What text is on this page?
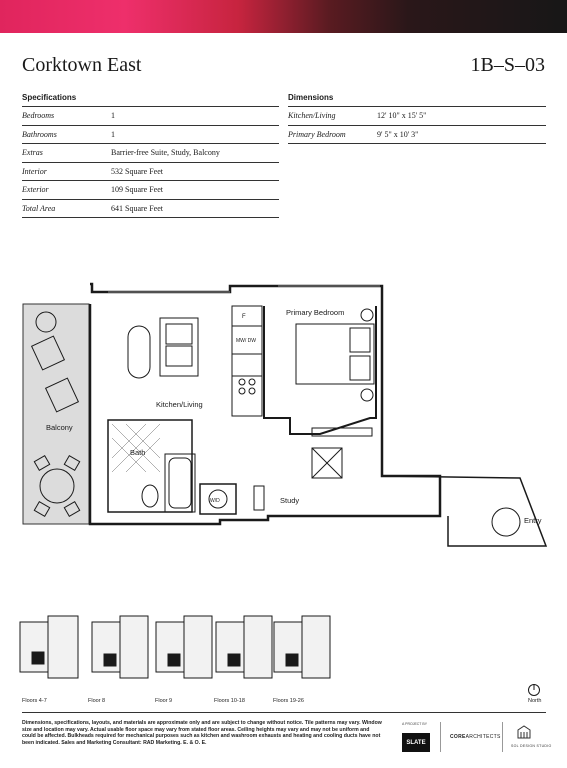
Corktown East	1B–S–03
Specifications
Bedrooms	1
Bathrooms	1
Extras	Barrier-free Suite, Study, Balcony
Interior	532 Square Feet
Exterior	109 Square Feet
Total Area	641 Square Feet
Dimensions
Kitchen/Living	12' 10" x 15' 5"
Primary Bedroom	9' 5" x 10' 3"
Primary Bedroom
Kitchen/Living
Balcony
Bath
Study
Entry
F
MW/ DW
W/D
Floors 4-7	Floor 8	Floor 9	Floors 10-18	Floors 19-26	North
Dimensions, specifications, layouts, and materials are approximate only and are subject to change without notice. Tile patterns may vary. Window size and location may vary. Actual usable floor space may vary from stated floor areas. Ceiling heights may vary and may not be uniform and could be affected. Bulkheads required for mechanical purposes such as kitchen and washroom exhausts and heating and cooling ducts have not been indicated. Sales and Marketing Consultant: RAD Marketing. E. & O. E.
A PROJECT BY
SLATE
COREARCHITECTS
SOL DESIGN STUDIO
